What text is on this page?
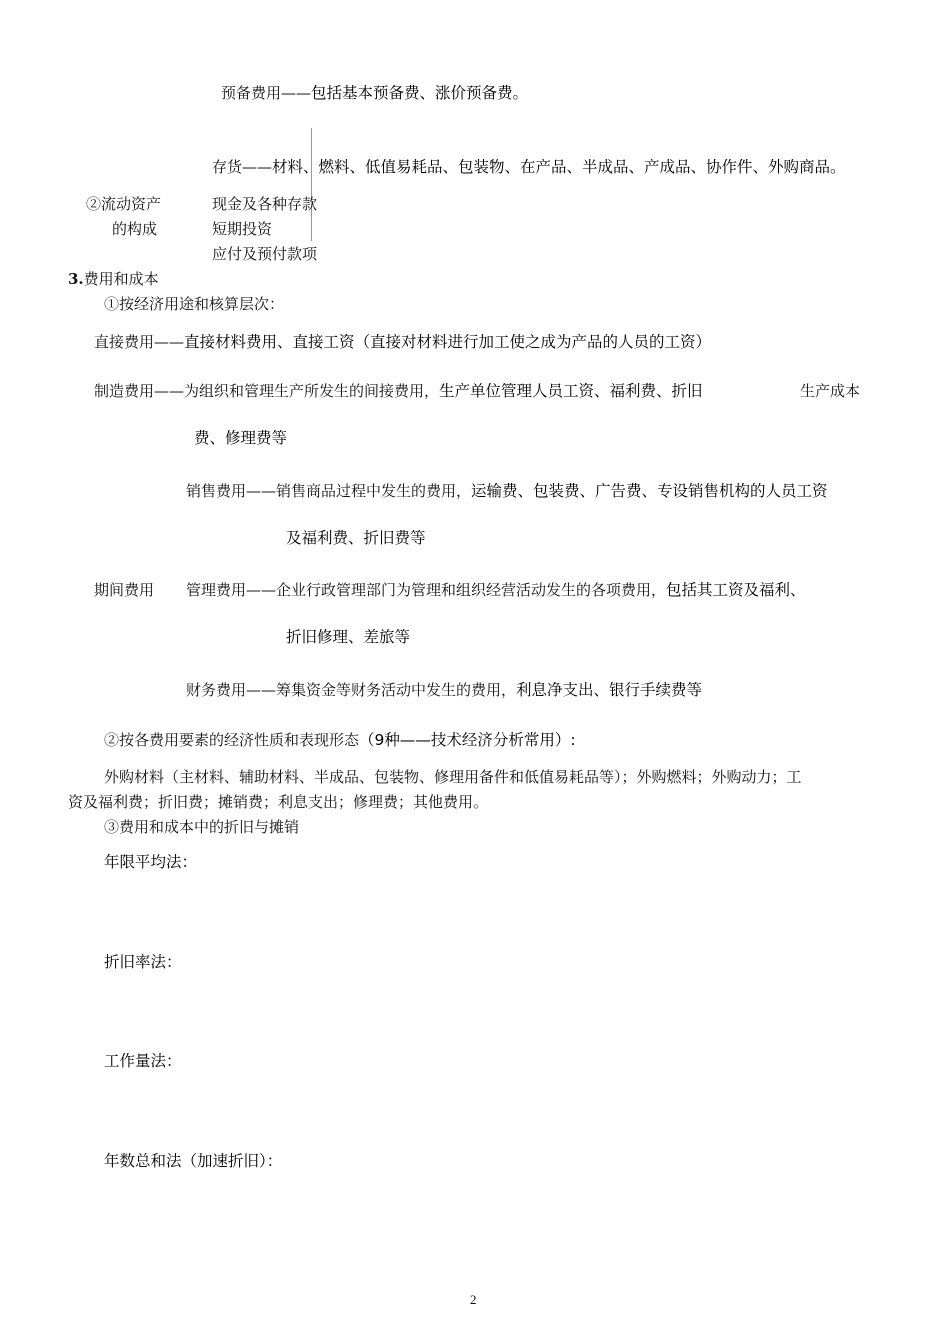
预备费用——包括基本预备费、涨价预备费。
存货——材料、燃料、低值易耗品、包装物、在产品、半成品、产成品、协作件、外购商品。
②流动资产	现金及各种存款
的构成	短期投资
应付及预付款项
3.费用和成本
①按经济用途和核算层次：
直接费用——直接材料费用、直接工资（直接对材料进行加工使之成为产品的人员的工资）
制造费用——为组织和管理生产所发生的间接费用，生产单位管理人员工资、福利费、折旧	生产成本
费、修理费等
销售费用——销售商品过程中发生的费用，运输费、包装费、广告费、专设销售机构的人员工资
及福利费、折旧费等
期间费用 管理费用——企业行政管理部门为管理和组织经营活动发生的各项费用，包括其工资及福利、
折旧修理、差旅等
财务费用——筹集资金等财务活动中发生的费用，利息净支出、银行手续费等
②按各费用要素的经济性质和表现形态（9种——技术经济分析常用）:
外购材料（主材料、辅助材料、半成品、包装物、修理用备件和低值易耗品等）；外购燃料；外购动力；工
资及福利费；折旧费；摊销费；利息支出；修理费；其他费用。
③费用和成本中的折旧与摊销
年限平均法：
折旧率法：
工作量法：
年数总和法（加速折旧）：
2
